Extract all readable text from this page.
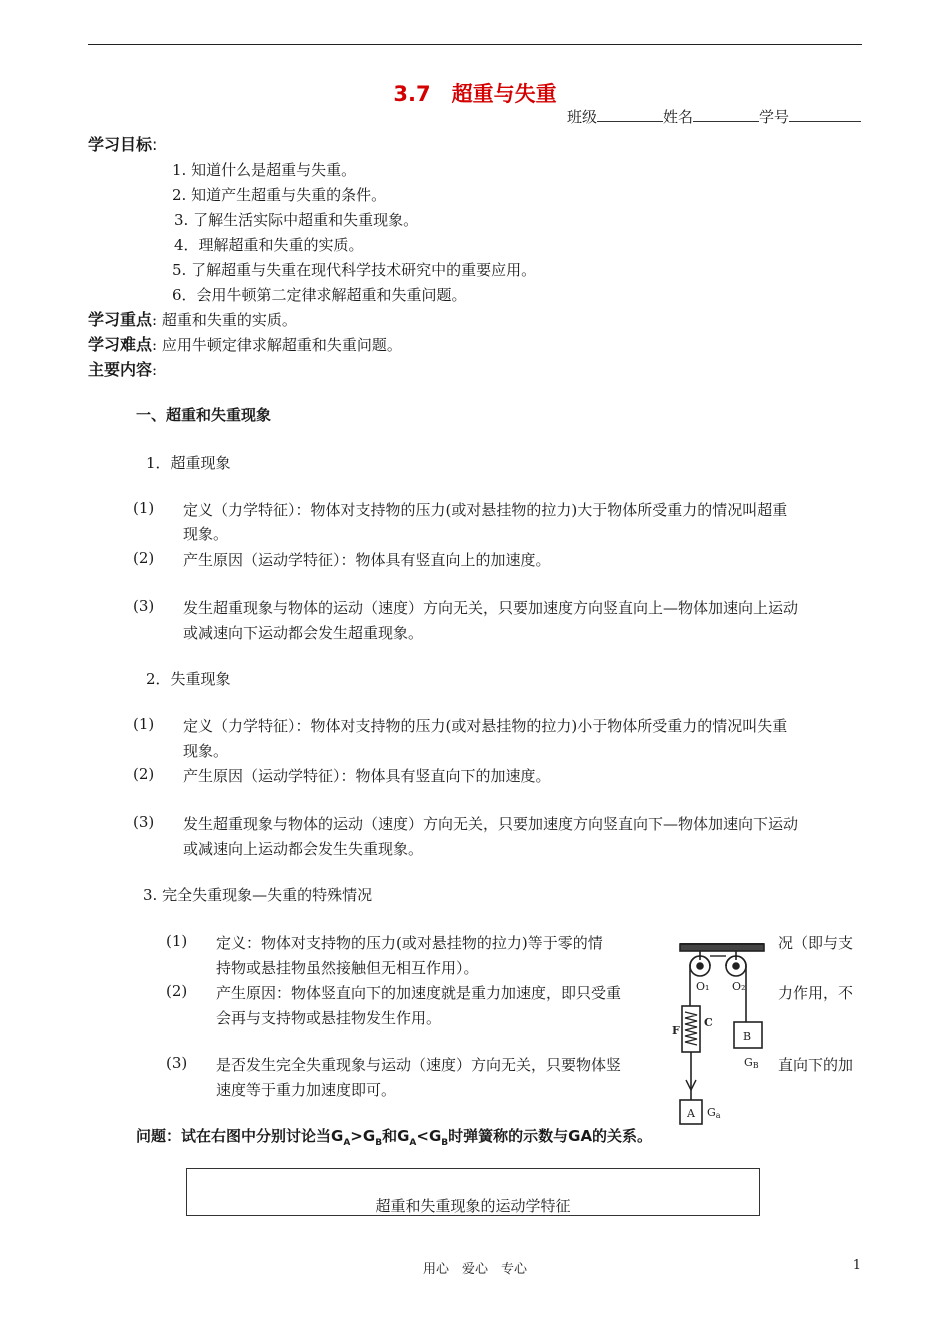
3.7　超重与失重
班级	姓名	学号
学习目标:
1. 知道什么是超重与失重。
2. 知道产生超重与失重的条件。
3. 了解生活实际中超重和失重现象。
4．理解超重和失重的实质。
5. 了解超重与失重在现代科学技术研究中的重要应用。
6．会用牛顿第二定律求解超重和失重问题。
学习重点: 超重和失重的实质。
学习难点: 应用牛顿定律求解超重和失重问题。
主要内容:
一、超重和失重现象
1．超重现象
(1) 定义（力学特征）：物体对支持物的压力(或对悬挂物的拉力)大于物体所受重力的情况叫超重
现象。
(2) 产生原因（运动学特征）：物体具有竖直向上的加速度。
(3) 发生超重现象与物体的运动（速度）方向无关，只要加速度方向竖直向上—物体加速向上运动
或减速向下运动都会发生超重现象。
2．失重现象
(1) 定义（力学特征）：物体对支持物的压力(或对悬挂物的拉力)小于物体所受重力的情况叫失重
现象。
(2) 产生原因（运动学特征）：物体具有竖直向下的加速度。
(3) 发生超重现象与物体的运动（速度）方向无关，只要加速度方向竖直向下—物体加速向下运动
或减速向上运动都会发生失重现象。
3. 完全失重现象—失重的特殊情况
(1) 定义：物体对支持物的压力(或对悬挂物的拉力)等于零的情	况（即与支
持物或悬挂物虽然接触但无相互作用）。
(2) 产生原因：物体竖直向下的加速度就是重力加速度，即只受重	力作用，不
会再与支持物或悬挂物发生作用。
(3) 是否发生完全失重现象与运动（速度）方向无关，只要物体竖	直向下的加
速度等于重力加速度即可。
O₁ O₂
F
C
B
GB
A Ga
问题：试在右图中分别讨论当$G_A>G_B$和$G_A<G_B$时弹簧称的示数与GA的关系。
超重和失重现象的运动学特征
用心　爱心　专心	1
